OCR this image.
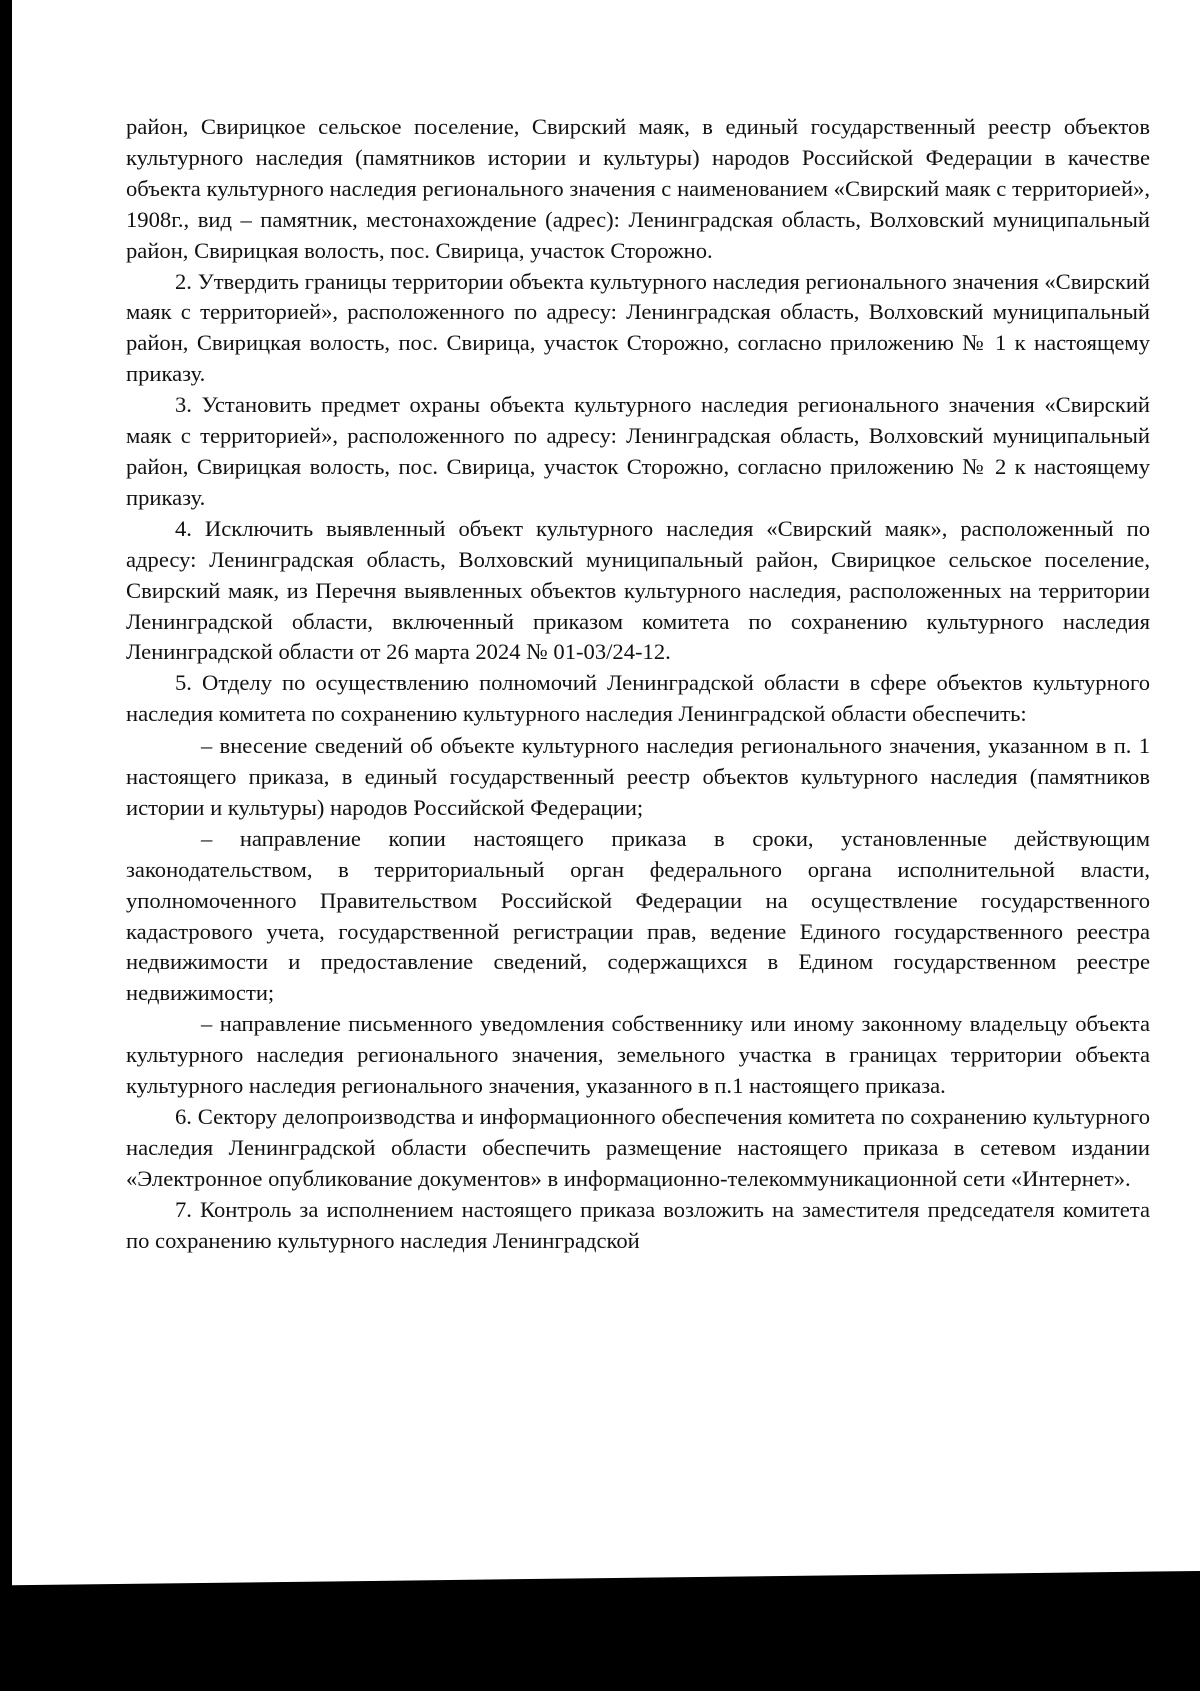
район, Свирицкое сельское поселение, Свирский маяк, в единый государственный реестр объектов культурного наследия (памятников истории и культуры) народов Российской Федерации в качестве объекта культурного наследия регионального значения с наименованием «Свирский маяк с территорией», 1908г., вид – памятник, местонахождение (адрес): Ленинградская область, Волховский муниципальный район, Свирицкая волость, пос. Свирица, участок Сторожно.

2. Утвердить границы территории объекта культурного наследия регионального значения «Свирский маяк с территорией», расположенного по адресу: Ленинградская область, Волховский муниципальный район, Свирицкая волость, пос. Свирица, участок Сторожно, согласно приложению № 1 к настоящему приказу.

3. Установить предмет охраны объекта культурного наследия регионального значения «Свирский маяк с территорией», расположенного по адресу: Ленинградская область, Волховский муниципальный район, Свирицкая волость, пос. Свирица, участок Сторожно, согласно приложению № 2 к настоящему приказу.

4. Исключить выявленный объект культурного наследия «Свирский маяк», расположенный по адресу: Ленинградская область, Волховский муниципальный район, Свирицкое сельское поселение, Свирский маяк, из Перечня выявленных объектов культурного наследия, расположенных на территории Ленинградской области, включенный приказом комитета по сохранению культурного наследия Ленинградской области от 26 марта 2024 № 01-03/24-12.

5. Отделу по осуществлению полномочий Ленинградской области в сфере объектов культурного наследия комитета по сохранению культурного наследия Ленинградской области обеспечить:

– внесение сведений об объекте культурного наследия регионального значения, указанном в п. 1 настоящего приказа, в единый государственный реестр объектов культурного наследия (памятников истории и культуры) народов Российской Федерации;

– направление копии настоящего приказа в сроки, установленные действующим законодательством, в территориальный орган федерального органа исполнительной власти, уполномоченного Правительством Российской Федерации на осуществление государственного кадастрового учета, государственной регистрации прав, ведение Единого государственного реестра недвижимости и предоставление сведений, содержащихся в Едином государственном реестре недвижимости;

– направление письменного уведомления собственнику или иному законному владельцу объекта культурного наследия регионального значения, земельного участка в границах территории объекта культурного наследия регионального значения, указанного в п.1 настоящего приказа.

6. Сектору делопроизводства и информационного обеспечения комитета по сохранению культурного наследия Ленинградской области обеспечить размещение настоящего приказа в сетевом издании «Электронное опубликование документов» в информационно-телекоммуникационной сети «Интернет».

7. Контроль за исполнением настоящего приказа возложить на заместителя председателя комитета по сохранению культурного наследия Ленинградской
